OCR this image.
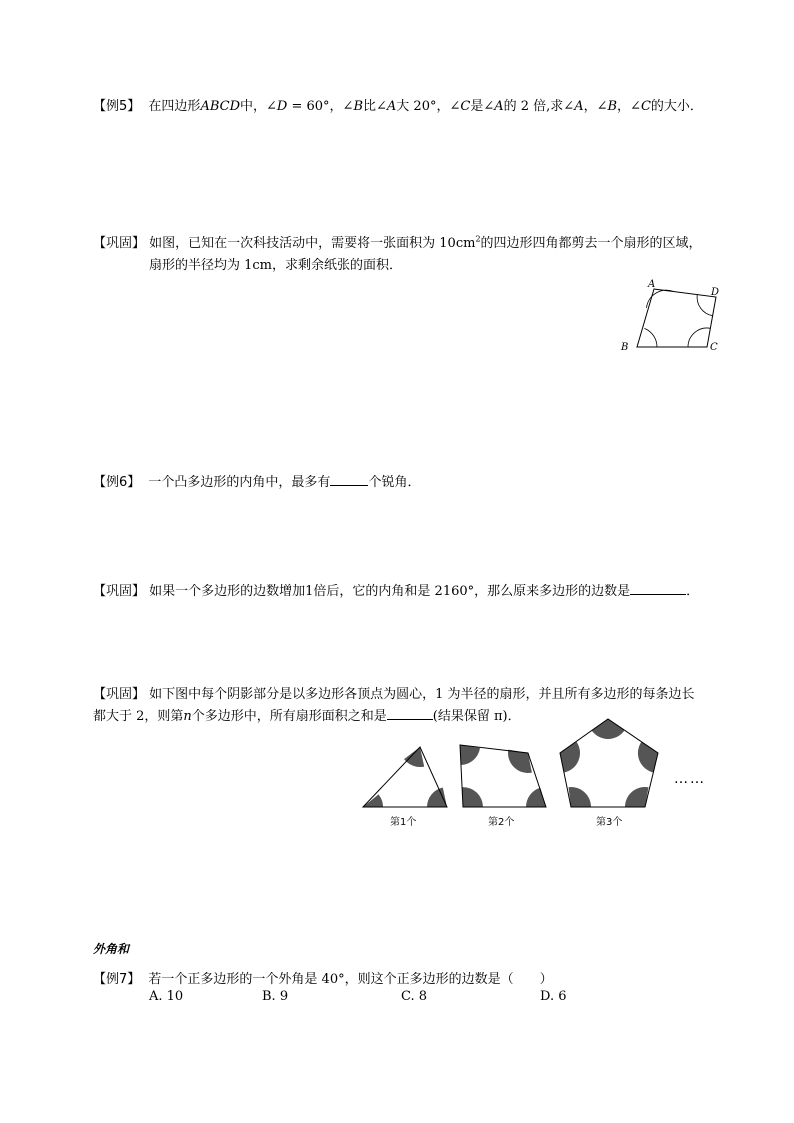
【例5】 在四边形ABCD中，∠D = 60°，∠B比∠A大 20°，∠C是∠A的 2 倍,求∠A，∠B，∠C的大小．
【巩固】 如图，已知在一次科技活动中，需要将一张面积为 $10cm^2$的四边形四角都剪去一个扇形的区域，
扇形的半径均为 1cm，求剩余纸张的面积．
A
D
B	C
【例6】 一个凸多边形的内角中，最多有	个锐角．
【巩固】 如果一个多边形的边数增加1倍后，它的内角和是 2160°，那么原来多边形的边数是	．
【巩固】 如下图中每个阴影部分是以多边形各顶点为圆心，1 为半径的扇形，并且所有多边形的每条边长
都大于 2，则第n个多边形中，所有扇形面积之和是	(结果保留 π)．
……
第1个	第2个	第3个
外角和
【例7】 若一个正多边形的一个外角是 40°，则这个正多边形的边数是（　　）
A. 10	B. 9	C. 8	D. 6
